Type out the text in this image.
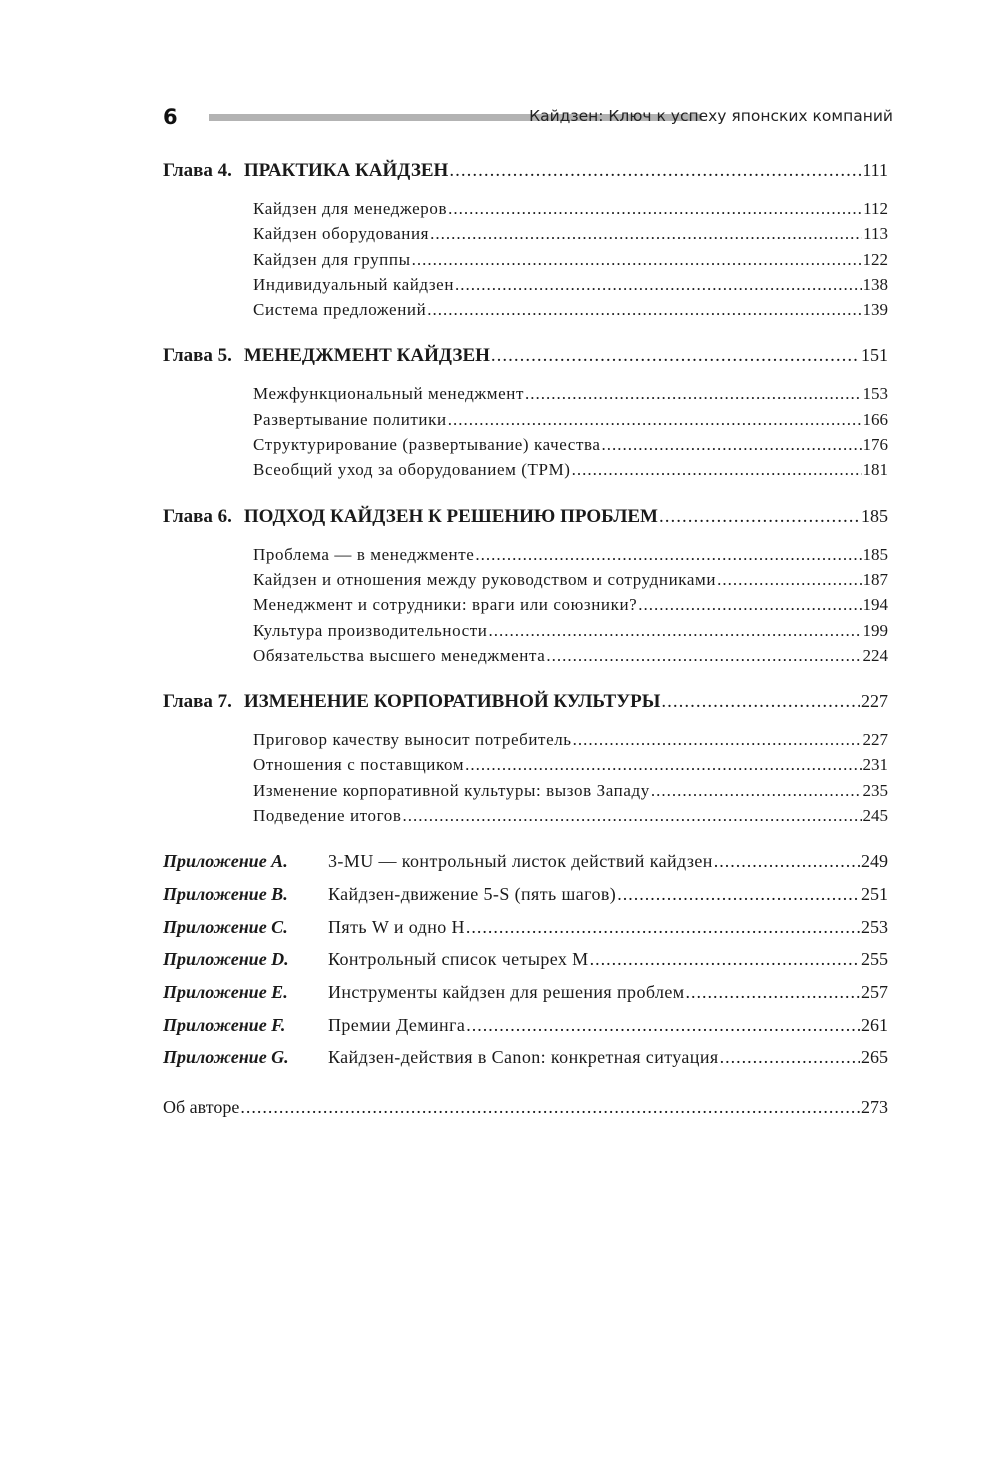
6	Кайдзен: Ключ к успеху японских компаний
Глава 4. ПРАКТИКА КАЙДЗЕН .....	111
Кайдзен для менеджеров .....	112
Кайдзен оборудования .....	113
Кайдзен для группы .....	122
Индивидуальный кайдзен .....	138
Система предложений .....	139
Глава 5. МЕНЕДЖМЕНТ КАЙДЗЕН .....	151
Межфункциональный менеджмент .....	153
Развертывание политики .....	166
Структурирование (развертывание) качества .....	176
Всеобщий уход за оборудованием (TPM) .....	181
Глава 6. ПОДХОД КАЙДЗЕН К РЕШЕНИЮ ПРОБЛЕМ .....	185
Проблема — в менеджменте .....	185
Кайдзен и отношения между руководством и сотрудниками .....	187
Менеджмент и сотрудники: враги или союзники? .....	194
Культура производительности .....	199
Обязательства высшего менеджмента .....	224
Глава 7. ИЗМЕНЕНИЕ КОРПОРАТИВНОЙ КУЛЬТУРЫ .....	227
Приговор качеству выносит потребитель .....	227
Отношения с поставщиком .....	231
Изменение корпоративной культуры: вызов Западу .....	235
Подведение итогов .....	245
Приложение A.	3-MU — контрольный листок действий кайдзен .....	249
Приложение B.	Кайдзен-движение 5-S (пять шагов) .....	251
Приложение C.	Пять W и одно H .....	253
Приложение D.	Контрольный список четырех M .....	255
Приложение E.	Инструменты кайдзен для решения проблем .....	257
Приложение F.	Премии Деминга .....	261
Приложение G.	Кайдзен-действия в Canon: конкретная ситуация .....	265
Об авторе .....	273
